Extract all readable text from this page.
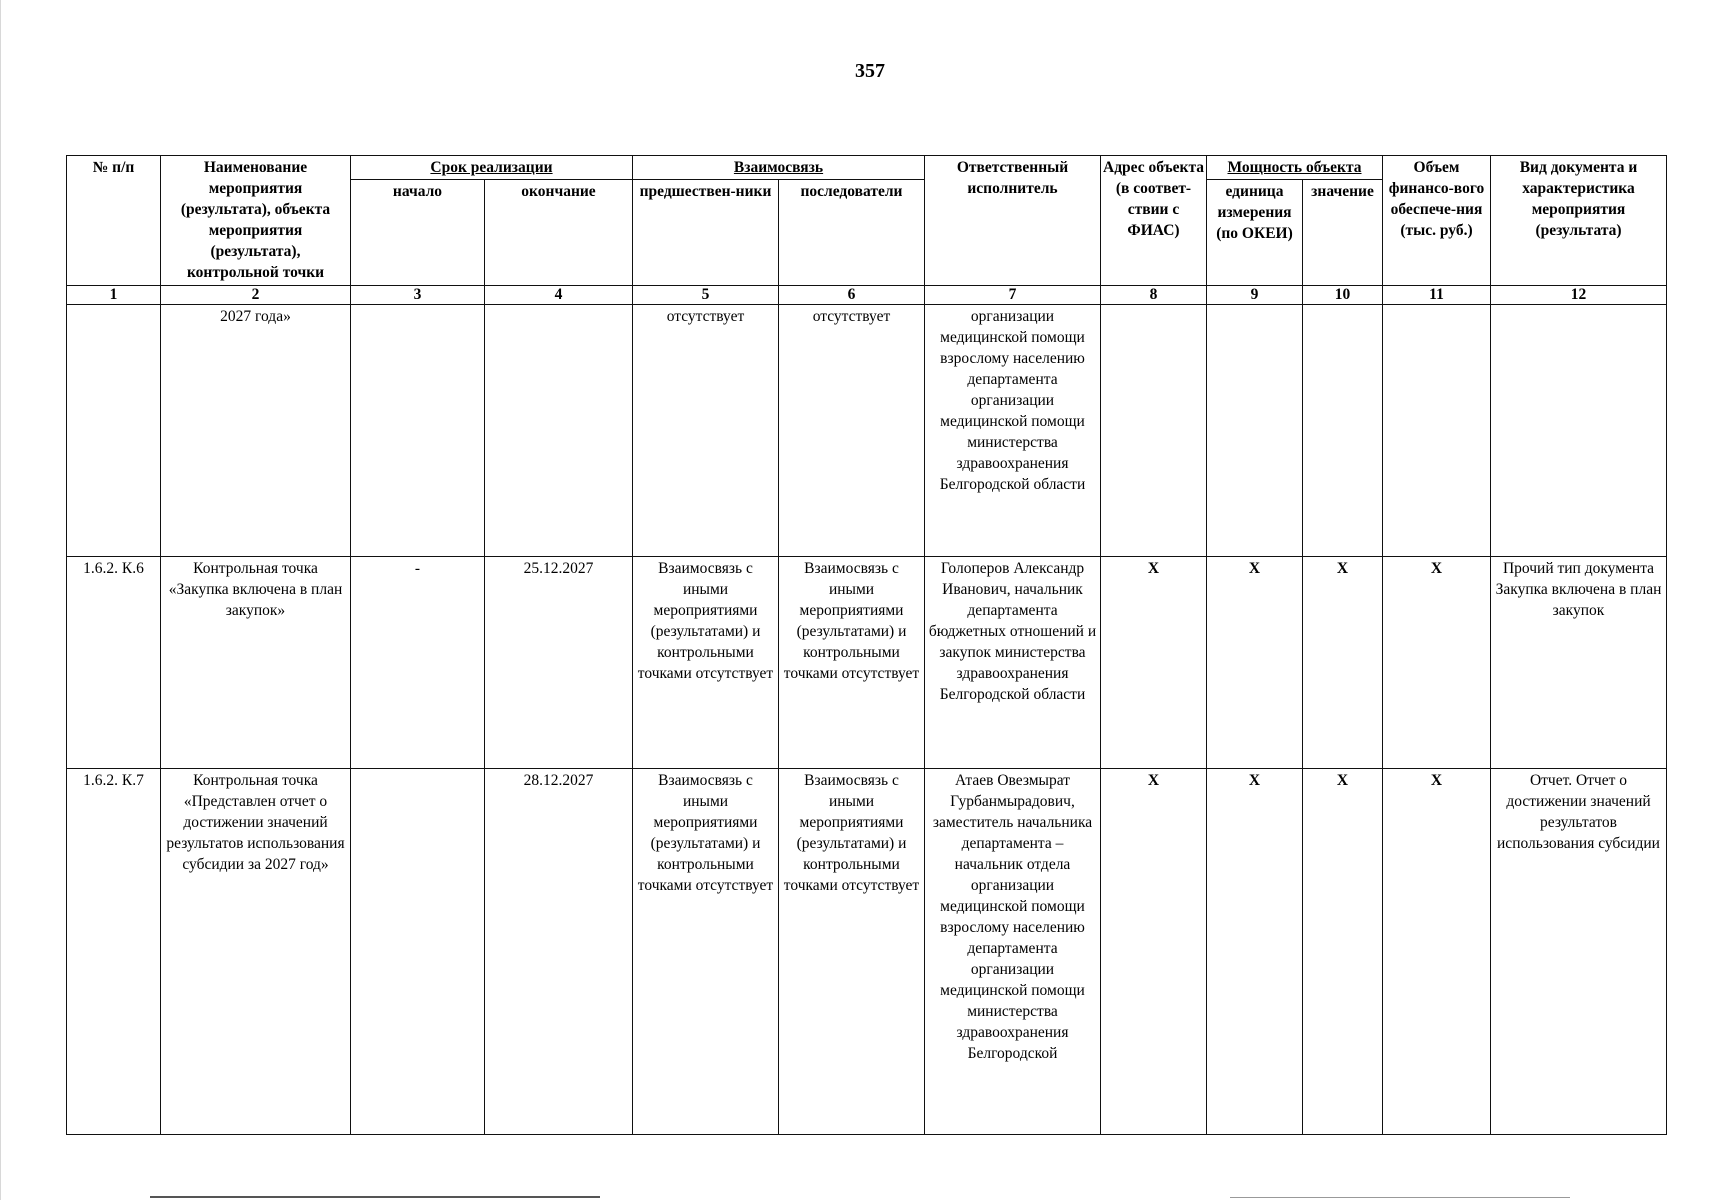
357
№ п/п	Наименование мероприятия (результата), объекта мероприятия (результата), контрольной точки	Срок реализации		Взаимосвязь		Ответственный исполнитель	Адрес объекта (в соответ-ствии с ФИАС)	Мощность объекта		Объем финансо-вого обеспече-ния (тыс. руб.)	Вид документа и характеристика мероприятия (результата)
		начало	окончание	предшествен-ники	последователи			единица измерения (по ОКЕИ)	значение		
1	2	3	4	5	6	7	8	9	10	11	12
	2027 года»			отсутствует	отсутствует	организации медицинской помощи взрослому населению департамента организации медицинской помощи министерства здравоохранения Белгородской области					
1.6.2. К.6	Контрольная точка «Закупка включена в план закупок»	-	25.12.2027	Взаимосвязь с иными мероприятиями (результатами) и контрольными точками отсутствует	Взаимосвязь с иными мероприятиями (результатами) и контрольными точками отсутствует	Голоперов Александр Иванович, начальник департамента бюджетных отношений и закупок министерства здравоохранения Белгородской области	X	X	X	X	Прочий тип документа Закупка включена в план закупок
1.6.2. К.7	Контрольная точка «Представлен отчет о достижении значений результатов использования субсидии за 2027 год»		28.12.2027	Взаимосвязь с иными мероприятиями (результатами) и контрольными точками отсутствует	Взаимосвязь с иными мероприятиями (результатами) и контрольными точками отсутствует	Атаев Овезмырат Гурбанмырадович, заместитель начальника департамента – начальник отдела организации медицинской помощи взрослому населению департамента организации медицинской помощи министерства здравоохранения Белгородской	X	X	X	X	Отчет. Отчет о достижении значений результатов использования субсидии
